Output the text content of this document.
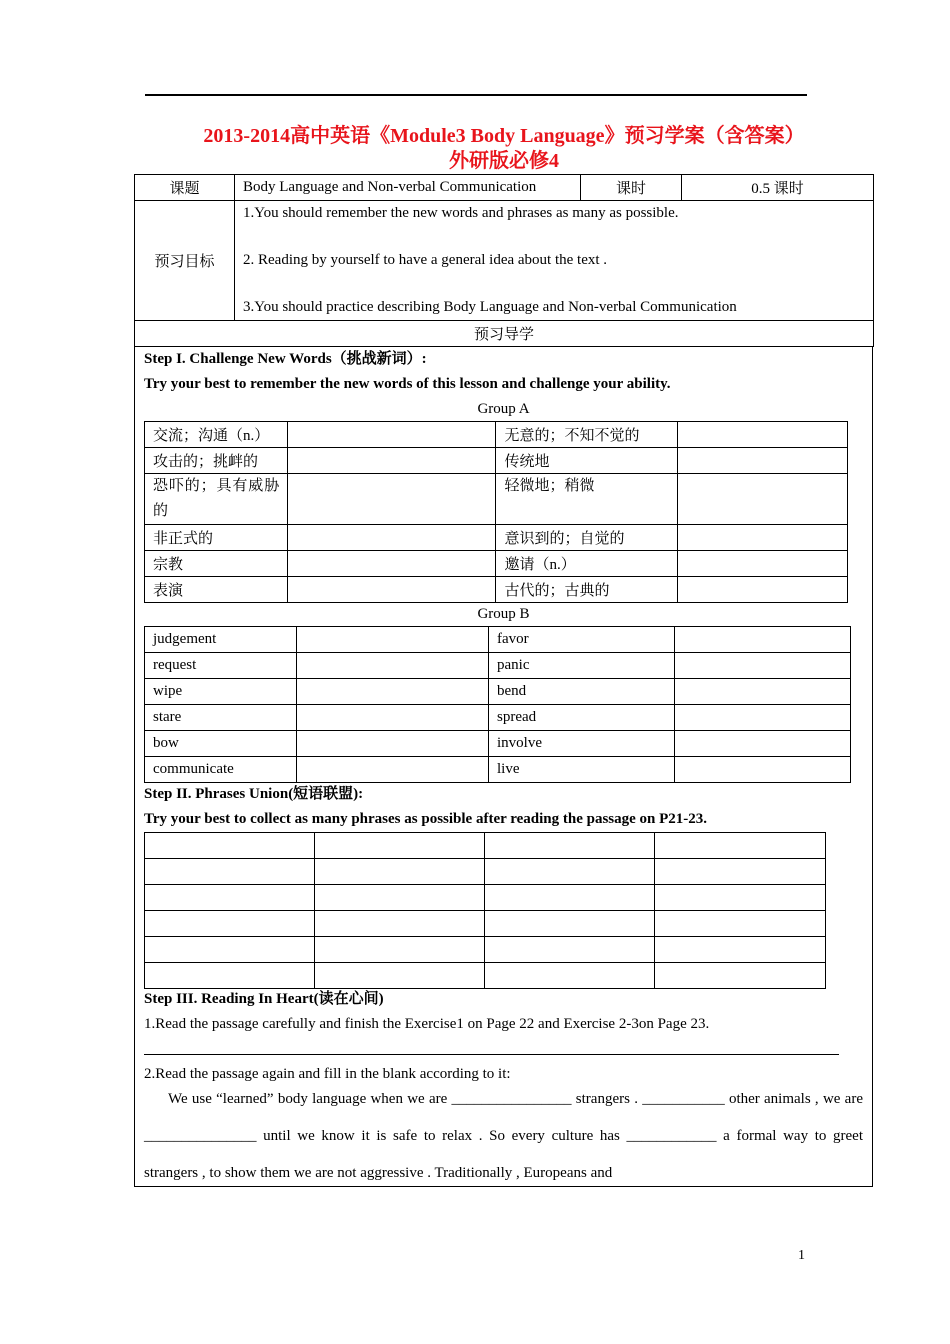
2013-2014高中英语《Module3 Body Language》预习学案（含答案）
外研版必修4
课题	Body Language and Non-verbal Communication	课时	0.5 课时
预习目标	1.You should remember the new words and phrases as many as possible.
2. Reading by yourself to have a general idea about the text .
3.You should practice describing Body Language and Non-verbal Communication		

预习导学			
Step I. Challenge New Words（挑战新词）:
Try your best to remember the new words of this lesson and challenge your ability.
Group A
交流；沟通（n.）		无意的；不知不觉的	
攻击的；挑衅的		传统地	
恐吓的；具有威胁的		轻微地；稍微	
非正式的		意识到的；自觉的	
宗教		邀请（n.）	
表演		古代的；古典的	
Group B
judgement		favor	
request		panic	
wipe		bend	
stare		spread	
bow		involve	
communicate		live	
Step II. Phrases Union(短语联盟):
Try your best to collect as many phrases as possible after reading the passage on P21-23.

Step III. Reading In Heart(读在心间)
1.Read the passage carefully and finish the Exercise1 on Page 22 and Exercise 2-3on Page 23.
2.Read the passage again and fill in the blank according to it:
We use “learned” body language when we are ________________ strangers . ___________ other animals , we are _______________ until we know it is safe to relax . So every culture has ____________ a formal way to greet strangers , to show them we are not aggressive . Traditionally , Europeans and
1
